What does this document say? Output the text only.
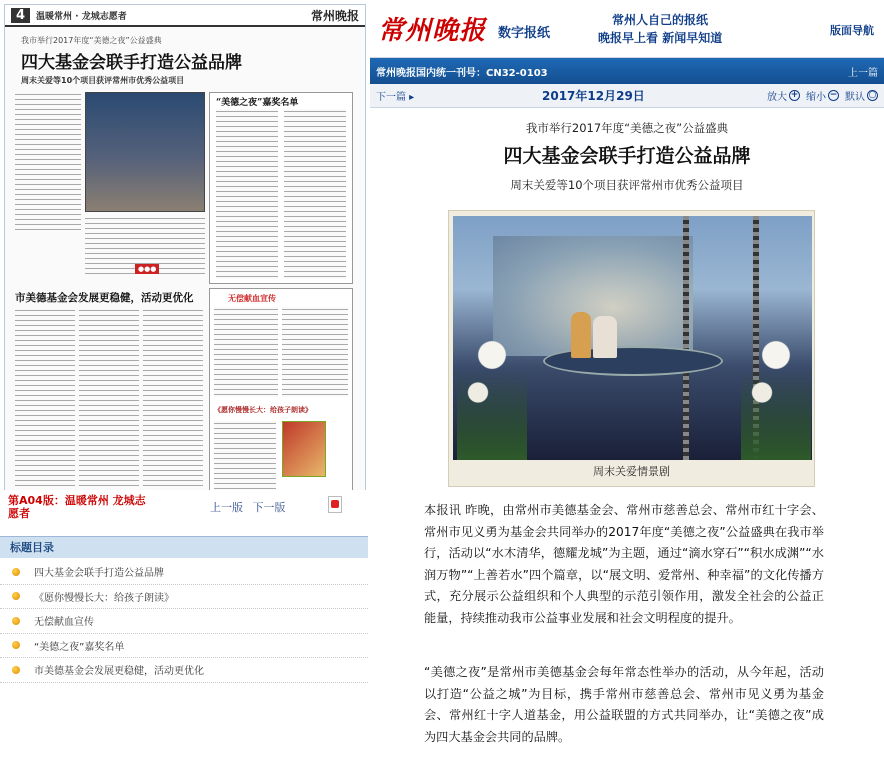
4	温暖常州 · 龙城志愿者	常州晚报
我市举行2017年度“美德之夜”公益盛典
四大基金会联手打造公益品牌
周末关爱等10个项目获评常州市优秀公益项目
“美德之夜”嘉奖名单
●●●
市美德基金会发展更稳健，活动更优化	无偿献血宣传
《愿你慢慢长大：给孩子朗读》
第A04版：温暖常州 龙城志愿者	上一版 下一版
标题目录
四大基金会联手打造公益品牌
《愿你慢慢长大：给孩子朗读》
无偿献血宣传
“美德之夜”嘉奖名单
市美德基金会发展更稳健，活动更优化
常州晚报 数字报纸
常州人自己的报纸
晚报早上看 新闻早知道	版面导航
常州晚报国内统一刊号：CN32-0103	上一篇
下一篇 ▸	2017年12月29日	放大 + 缩小 − 默认 ○
我市举行2017年度“美德之夜”公益盛典
四大基金会联手打造公益品牌
周末关爱等10个项目获评常州市优秀公益项目
周末关爱情景剧
本报讯 昨晚，由常州市美德基金会、常州市慈善总会、常州市红十字会、常州市见义勇为基金会共同举办的2017年度“美德之夜”公益盛典在我市举行，活动以“水木清华，德耀龙城”为主题，通过“滴水穿石”“积水成渊”“水润万物”“上善若水”四个篇章，以“展文明、爱常州、种幸福”的文化传播方式，充分展示公益组织和个人典型的示范引领作用，激发全社会的公益正能量，持续推动我市公益事业发展和社会文明程度的提升。
“美德之夜”是常州市美德基金会每年常态性举办的活动，从今年起，活动以打造“公益之城”为目标，携手常州市慈善总会、常州市见义勇为基金会、常州红十字人道基金，用公益联盟的方式共同举办，让“美德之夜”成为四大基金会共同的品牌。
